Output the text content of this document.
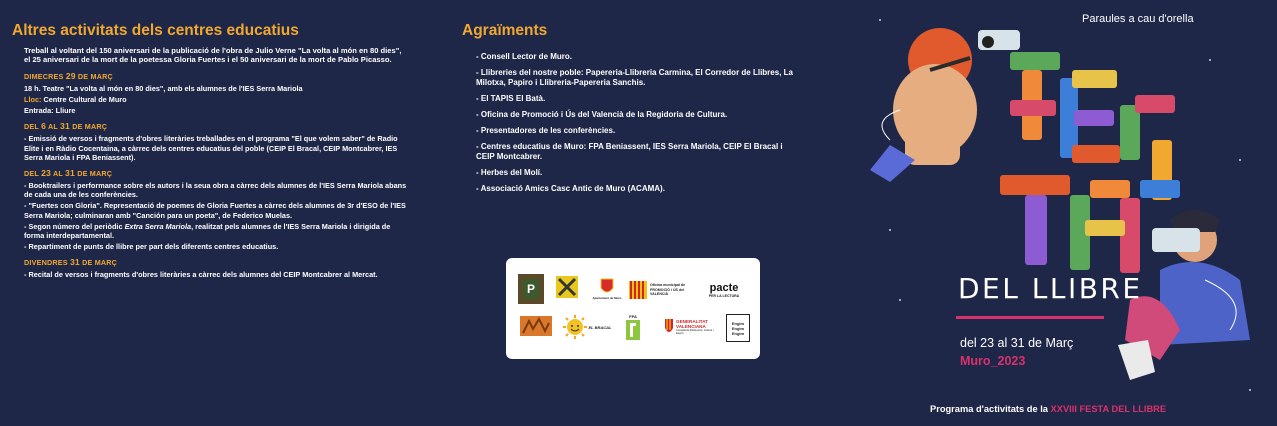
Altres activitats dels centres educatius
Treball al voltant del 150 aniversari de la publicació de l'obra de Julio Verne "La volta al món en 80 dies", el 25 aniversari de la mort de la poetessa Gloria Fuertes i el 50 aniversari de la mort de Pablo Picasso.
DIMECRES 29 DE MARÇ
18 h. Teatre "La volta al món en 80 dies", amb els alumnes de l'IES Serra Mariola
Lloc: Centre Cultural de Muro
Entrada: Lliure
DEL 6 AL 31 DE MARÇ
- Emissió de versos i fragments d'obres literàries treballades en el programa "El que volem saber" de Radio Elite i en Ràdio Cocentaina, a càrrec dels centres educatius del poble (CEIP El Bracal, CEIP Montcabrer, IES Serra Mariola i FPA Beniassent).
DEL 23 AL 31 DE MARÇ
- Booktrailers i performance sobre els autors i la seua obra a càrrec dels alumnes de l'IES Serra Mariola abans de cada una de les conferències.
- "Fuertes con Gloria". Representació de poemes de Gloria Fuertes a càrrec dels alumnes de 3r d'ESO de l'IES Serra Mariola; culminaran amb "Canción para un poeta", de Federico Muelas.
- Segon número del periòdic Extra Serra Mariola, realitzat pels alumnes de l'IES Serra Mariola i dirigida de forma interdepartamental.
- Repartiment de punts de llibre per part dels diferents centres educatius.
DIVENDRES 31 DE MARÇ
- Recital de versos i fragments d'obres literàries a càrrec dels alumnes del CEIP Montcabrer al Mercat.
Agraïments
- Consell Lector de Muro.
- Llibreries del nostre poble: Papereria-Llibreria Carmina, El Corredor de Llibres, La Milotxa, Papiro i Llibreria-Papereria Sanchis.
- El TAPIS El Batà.
- Oficina de Promoció i Ús del Valencià de la Regidoria de Cultura.
- Presentadores de les conferències.
- Centres educatius de Muro: FPA Beniassent, IES Serra Mariola, CEIP El Bracal i CEIP Montcabrer.
- Herbes del Molí.
- Associació Amics Casc Antic de Muro (ACAMA).
P
Ajuntament de Muro
Oficina municipal de PROMOCIÓ i ÚS del VALENCIÀ
pacte
PER LA LECTURA
EL BRACAL
FPA
GENERALITAT VALENCIANA
Conselleria d'Educació, Cultura i Esport
Engim Engim Engim
Paraules a cau d'orella
DEL LLIBRE
del 23 al 31 de Març
Muro_2023
Programa d'activitats de la XXVIII FESTA DEL LLIBRE
